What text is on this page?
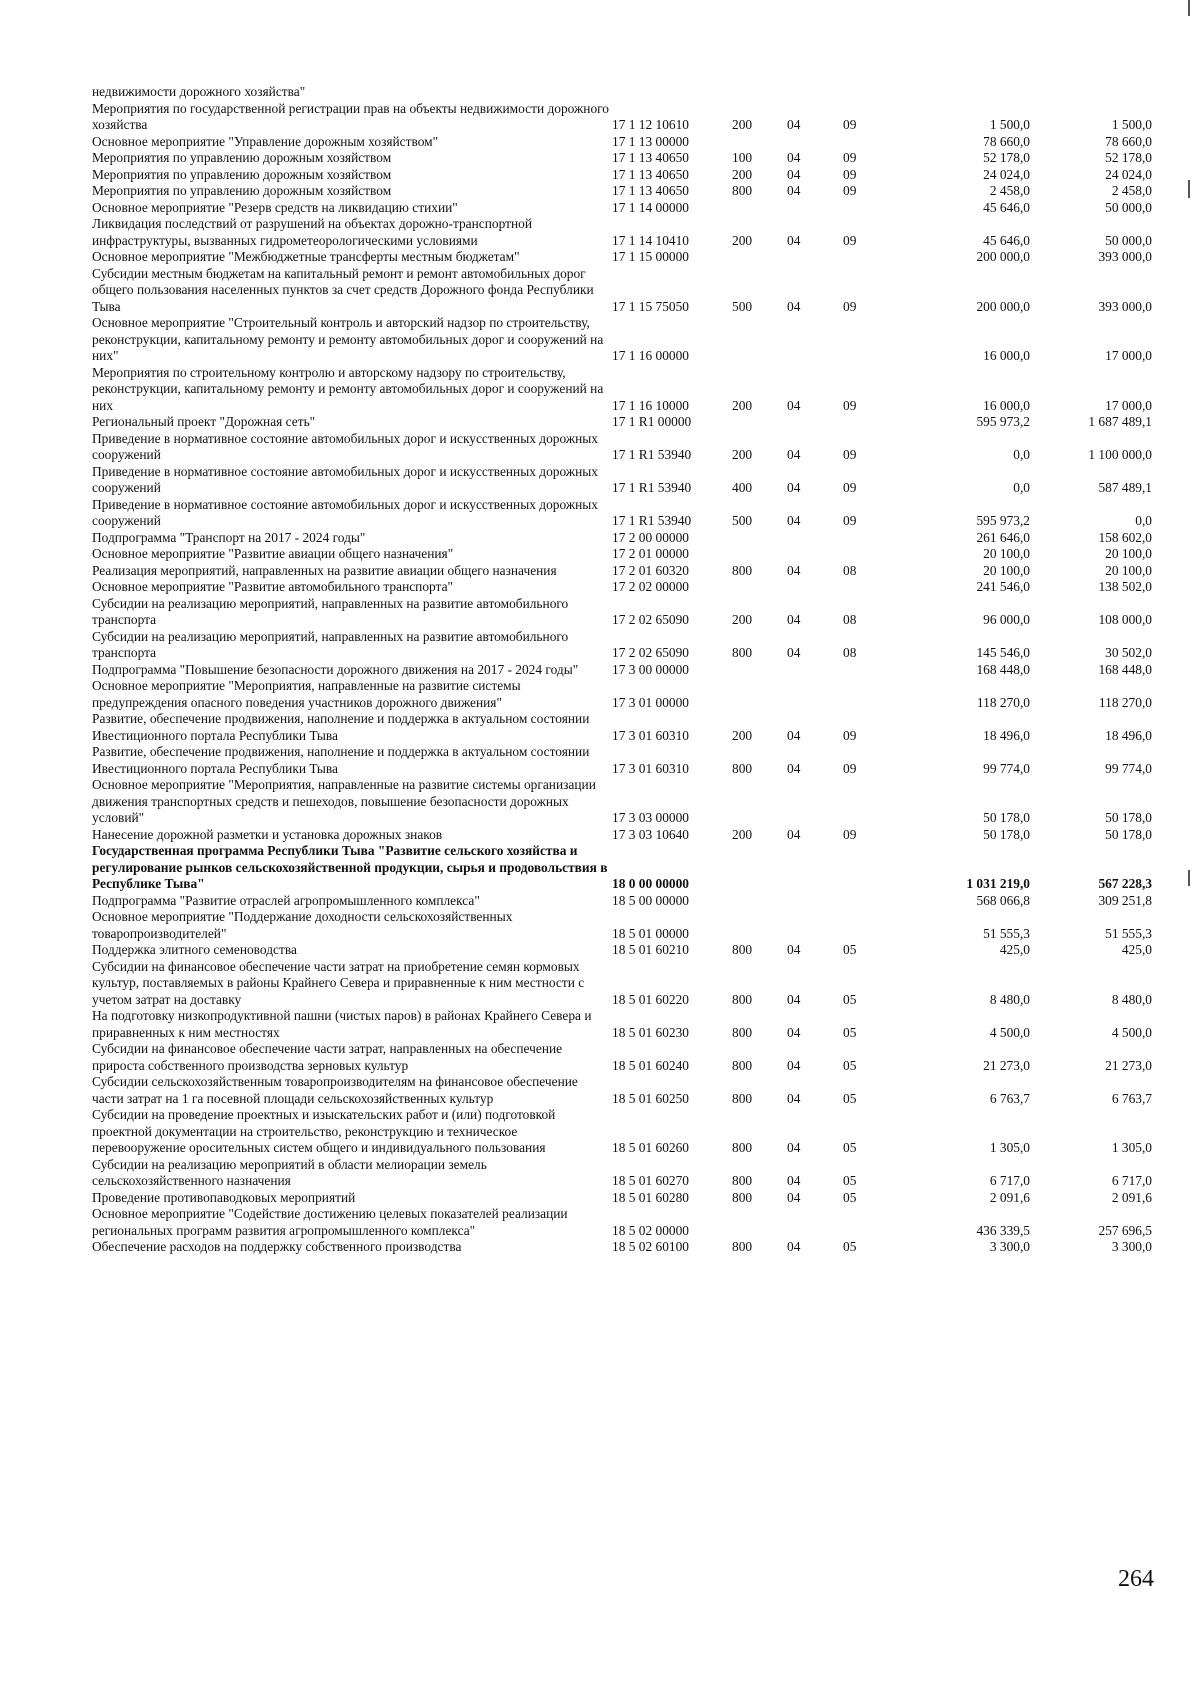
недвижимости дорожного хозяйства"						
Мероприятия по государственной регистрации прав на объекты недвижимости дорожного хозяйства	17 1 12 10610	200	04	09	1 500,0	1 500,0
Основное мероприятие "Управление дорожным хозяйством"	17 1 13 00000				78 660,0	78 660,0
Мероприятия по управлению дорожным хозяйством	17 1 13 40650	100	04	09	52 178,0	52 178,0
Мероприятия по управлению дорожным хозяйством	17 1 13 40650	200	04	09	24 024,0	24 024,0
Мероприятия по управлению дорожным хозяйством	17 1 13 40650	800	04	09	2 458,0	2 458,0
Основное мероприятие "Резерв средств на ликвидацию стихии"	17 1 14 00000				45 646,0	50 000,0
Ликвидация последствий от разрушений на объектах дорожно-транспортной инфраструктуры, вызванных гидрометеорологическими условиями	17 1 14 10410	200	04	09	45 646,0	50 000,0
Основное мероприятие "Межбюджетные трансферты местным бюджетам"	17 1 15 00000				200 000,0	393 000,0
Субсидии местным бюджетам на капитальный ремонт и ремонт автомобильных дорог общего пользования населенных пунктов за счет средств Дорожного фонда Республики Тыва	17 1 15 75050	500	04	09	200 000,0	393 000,0
Основное мероприятие "Строительный контроль и авторский надзор по строительству, реконструкции, капитальному ремонту и ремонту автомобильных дорог и сооружений на них"	17 1 16 00000				16 000,0	17 000,0
Мероприятия по строительному контролю и авторскому надзору по строительству, реконструкции, капитальному ремонту и ремонту автомобильных дорог и сооружений на них	17 1 16 10000	200	04	09	16 000,0	17 000,0
Региональный проект "Дорожная сеть"	17 1 R1 00000				595 973,2	1 687 489,1
Приведение в нормативное состояние автомобильных дорог и искусственных дорожных сооружений	17 1 R1 53940	200	04	09	0,0	1 100 000,0
Приведение в нормативное состояние автомобильных дорог и искусственных дорожных сооружений	17 1 R1 53940	400	04	09	0,0	587 489,1
Приведение в нормативное состояние автомобильных дорог и искусственных дорожных сооружений	17 1 R1 53940	500	04	09	595 973,2	0,0
Подпрограмма "Транспорт на 2017 - 2024 годы"	17 2 00 00000				261 646,0	158 602,0
Основное мероприятие "Развитие авиации общего назначения"	17 2 01 00000				20 100,0	20 100,0
Реализация мероприятий, направленных на развитие авиации общего назначения	17 2 01 60320	800	04	08	20 100,0	20 100,0
Основное мероприятие "Развитие автомобильного транспорта"	17 2 02 00000				241 546,0	138 502,0
Субсидии на реализацию мероприятий, направленных на развитие автомобильного транспорта	17 2 02 65090	200	04	08	96 000,0	108 000,0
Субсидии на реализацию мероприятий, направленных на развитие автомобильного транспорта	17 2 02 65090	800	04	08	145 546,0	30 502,0
Подпрограмма "Повышение безопасности дорожного движения на 2017 - 2024 годы"	17 3 00 00000				168 448,0	168 448,0
Основное мероприятие "Мероприятия, направленные на развитие системы предупреждения опасного поведения участников дорожного движения"	17 3 01 00000				118 270,0	118 270,0
Развитие, обеспечение продвижения, наполнение и поддержка в актуальном состоянии Ивестиционного портала Республики Тыва	17 3 01 60310	200	04	09	18 496,0	18 496,0
Развитие, обеспечение продвижения, наполнение и поддержка в актуальном состоянии Ивестиционного портала Республики Тыва	17 3 01 60310	800	04	09	99 774,0	99 774,0
Основное мероприятие "Мероприятия, направленные на развитие системы организации движения транспортных средств и пешеходов, повышение безопасности дорожных условий"	17 3 03 00000				50 178,0	50 178,0
Нанесение дорожной разметки и установка дорожных знаков	17 3 03 10640	200	04	09	50 178,0	50 178,0
Государственная программа Республики Тыва "Развитие сельского хозяйства и регулирование рынков сельскохозяйственной продукции, сырья и продовольствия в Республике Тыва"	18 0 00 00000				1 031 219,0	567 228,3
Подпрограмма "Развитие отраслей агропромышленного комплекса"	18 5 00 00000				568 066,8	309 251,8
Основное мероприятие "Поддержание доходности сельскохозяйственных товаропроизводителей"	18 5 01 00000				51 555,3	51 555,3
Поддержка элитного семеноводства	18 5 01 60210	800	04	05	425,0	425,0
Субсидии на финансовое обеспечение части затрат на приобретение семян кормовых культур, поставляемых в районы Крайнего Севера и приравненные к ним местности с учетом затрат на доставку	18 5 01 60220	800	04	05	8 480,0	8 480,0
На подготовку низкопродуктивной пашни (чистых паров) в районах Крайнего Севера и приравненных к ним местностях	18 5 01 60230	800	04	05	4 500,0	4 500,0
Субсидии на финансовое обеспечение части затрат, направленных на обеспечение прироста собственного производства зерновых культур	18 5 01 60240	800	04	05	21 273,0	21 273,0
Субсидии сельскохозяйственным товаропроизводителям на финансовое обеспечение части затрат на 1 га посевной площади сельскохозяйственных культур	18 5 01 60250	800	04	05	6 763,7	6 763,7
Субсидии на проведение проектных и изыскательских работ и (или) подготовкой проектной документации на строительство, реконструкцию и техническое перевооружение оросительных систем общего и индивидуального пользования	18 5 01 60260	800	04	05	1 305,0	1 305,0
Субсидии на реализацию мероприятий в области мелиорации земель сельскохозяйственного назначения	18 5 01 60270	800	04	05	6 717,0	6 717,0
Проведение противопаводковых мероприятий	18 5 01 60280	800	04	05	2 091,6	2 091,6
Основное мероприятие "Содействие достижению целевых показателей реализации региональных программ развития агропромышленного комплекса"	18 5 02 00000				436 339,5	257 696,5
Обеспечение расходов на поддержку собственного производства	18 5 02 60100	800	04	05	3 300,0	3 300,0
264
